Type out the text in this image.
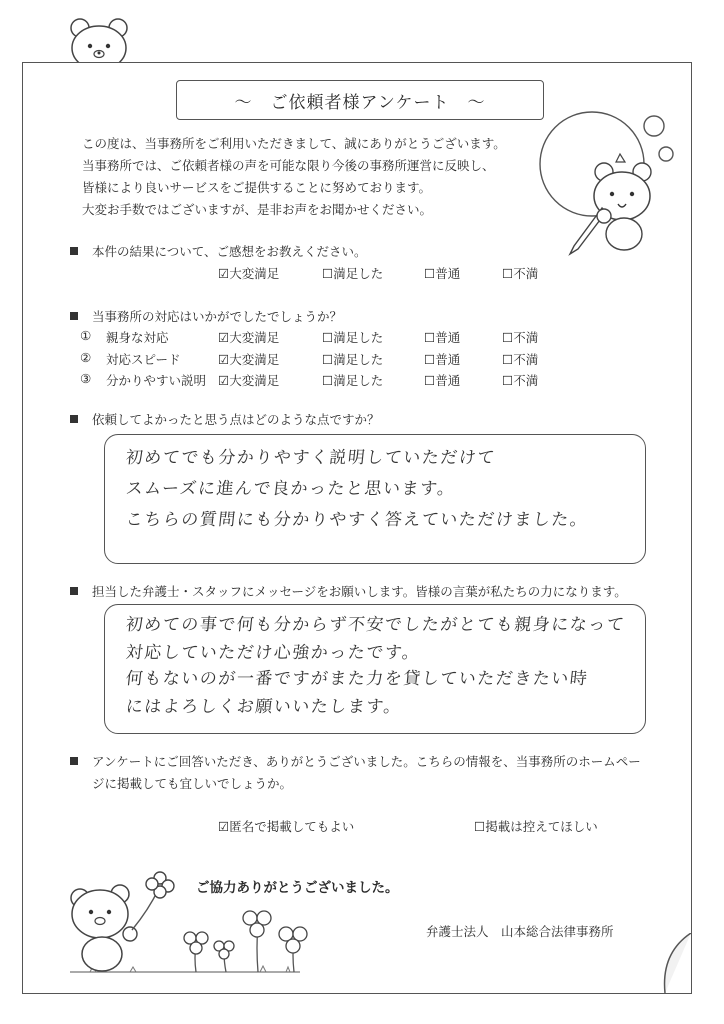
～　ご依頼者様アンケート　～
この度は、当事務所をご利用いただきまして、誠にありがとうございます。
当事務所では、ご依頼者様の声を可能な限り今後の事務所運営に反映し、
皆様により良いサービスをご提供することに努めております。
大変お手数ではございますが、是非お声をお聞かせください。
本件の結果について、ご感想をお教えください。
☑大変満足	☐満足した	☐普通	☐不満
当事務所の対応はいかがでしたでしょうか？
① 親身な対応	☑大変満足	☐満足した	☐普通	☐不満
② 対応スピード	☑大変満足	☐満足した	☐普通	☐不満
③ 分かりやすい説明 ☑大変満足	☐満足した	☐普通	☐不満
依頼してよかったと思う点はどのような点ですか？
初めてでも分かりやすく説明していただけて
スムーズに進んで良かったと思います。
こちらの質問にも分かりやすく答えていただけました。
担当した弁護士・スタッフにメッセージをお願いします。皆様の言葉が私たちの力になります。
初めての事で何も分からず不安でしたがとても親身になって
対応していただけ心強かったです。
何もないのが一番ですがまた力を貸していただきたい時
にはよろしくお願いいたします。
アンケートにご回答いただき、ありがとうございました。こちらの情報を、当事務所のホームペー
ジに掲載しても宜しいでしょうか。
☑匿名で掲載してもよい	☐掲載は控えてほしい
ご協力ありがとうございました。
弁護士法人　山本総合法律事務所
